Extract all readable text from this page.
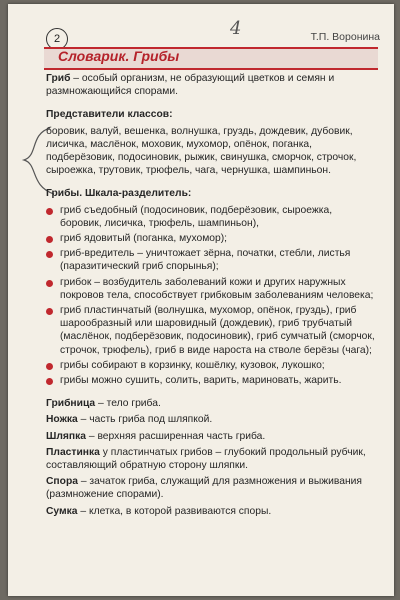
2	4	Т.П. Воронина
Словарик. Грибы

Гриб – особый организм, не образующий цветков и семян и размножающийся спорами.

Представители классов:
боровик, валуй, вешенка, волнушка, груздь, дождевик, дубовик, лисичка, маслёнок, моховик, мухомор, опёнок, поганка, подберёзовик, подосиновик, рыжик, свинушка, сморчок, строчок, сыроежка, трутовик, трюфель, чага, чернушка, шампиньон.
Грибы. Шкала-разделитель:
гриб съедобный (подосиновик, подберёзовик, сыроежка, боровик, лисичка, трюфель, шампиньон),
гриб ядовитый (поганка, мухомор);
гриб-вредитель – уничтожает зёрна, початки, стебли, листья (паразитический гриб спорынья);
грибок – возбудитель заболеваний кожи и других наружных покровов тела, способствует грибковым заболеваниям человека;
гриб пластинчатый (волнушка, мухомор, опёнок, груздь), гриб шарообразный или шаровидный (дождевик), гриб трубчатый (маслёнок, подберёзовик, подосиновик), гриб сумчатый (сморчок, строчок, трюфель), гриб в виде нароста на стволе берёзы (чага);
грибы собирают в корзинку, кошёлку, кузовок, лукошко;
грибы можно сушить, солить, варить, мариновать, жарить.
Грибница – тело гриба.
Ножка – часть гриба под шляпкой.
Шляпка – верхняя расширенная часть гриба.
Пластинка у пластинчатых грибов – глубокий продольный рубчик, составляющий обратную сторону шляпки.
Спора – зачаток гриба, служащий для размножения и выживания (размножение спорами).
Сумка – клетка, в которой развиваются споры.
